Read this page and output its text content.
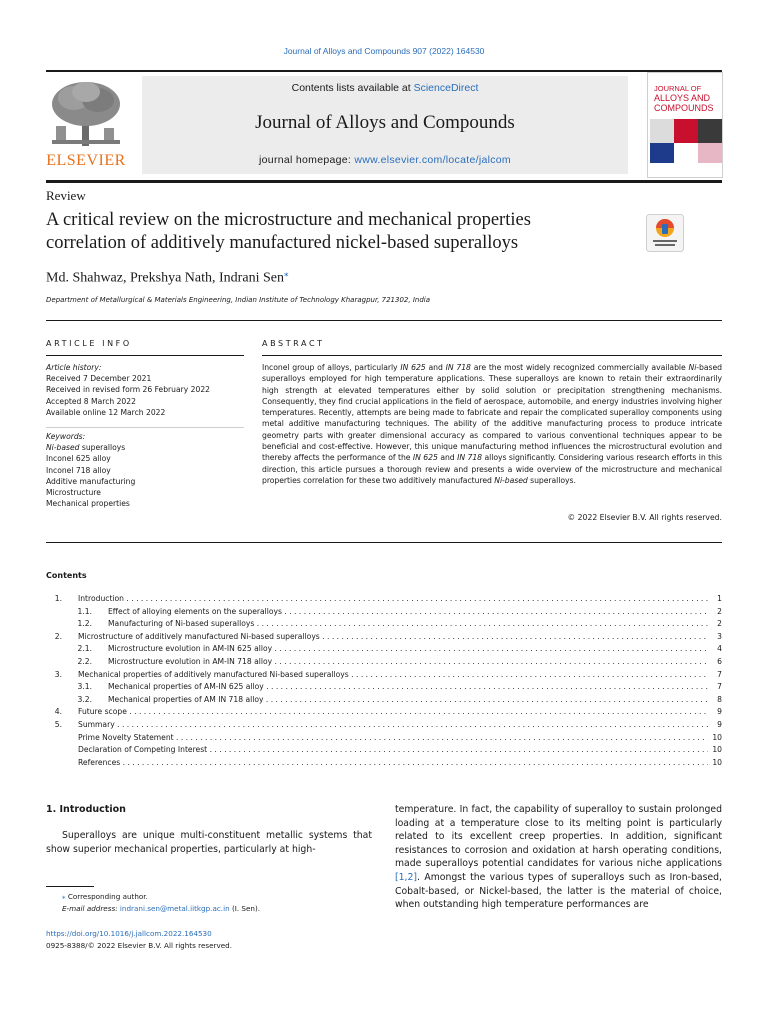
Journal of Alloys and Compounds 907 (2022) 164530
ELSEVIER
Contents lists available at ScienceDirect
Journal of Alloys and Compounds
journal homepage: www.elsevier.com/locate/jalcom
JOURNAL OF
ALLOYS AND
COMPOUNDS
Review
A critical review on the microstructure and mechanical properties correlation of additively manufactured nickel-based superalloys
Md. Shahwaz, Prekshya Nath, Indrani Sen⁎
Department of Metallurgical & Materials Engineering, Indian Institute of Technology Kharagpur, 721302, India
ARTICLE INFO	ABSTRACT
Article history:
Received 7 December 2021
Received in revised form 26 February 2022
Accepted 8 March 2022
Available online 12 March 2022
Keywords:
Ni-based superalloys
Inconel 625 alloy
Inconel 718 alloy
Additive manufacturing
Microstructure
Mechanical properties
Inconel group of alloys, particularly IN 625 and IN 718 are the most widely recognized commercially available Ni-based superalloys employed for high temperature applications. These superalloys are known to retain their extraordinarily high strength at elevated temperatures either by solid solution or precipitation strengthening mechanisms. Consequently, they find crucial applications in the field of aerospace, automobile, and energy industries involving higher temperatures. Recently, attempts are being made to fabricate and repair the complicated superalloy components using metal additive manufacturing techniques. The ability of the additive manufacturing process to produce intricate geometry parts with greater dimensional accuracy as compared to various conventional techniques appear to be beneficial and cost-effective. However, this unique manufacturing method influences the microstructural evolution and thereby affects the performance of the IN 625 and IN 718 alloys significantly. Considering various research efforts in this direction, this article pursues a thorough review and presents a wide overview of the microstructure and mechanical properties correlation for these two additively manufactured Ni-based superalloys.
© 2022 Elsevier B.V. All rights reserved.
Contents
1. Introduction . . .	1
1.1. Effect of alloying elements on the superalloys . . .	2
1.2. Manufacturing of Ni-based superalloys . . .	2
2. Microstructure of additively manufactured Ni-based superalloys . . .	3
2.1. Microstructure evolution in AM-IN 625 alloy . . .	4
2.2. Microstructure evolution in AM-IN 718 alloy . . .	6
3. Mechanical properties of additively manufactured Ni-based superalloys . . .	7
3.1. Mechanical properties of AM-IN 625 alloy . . .	7
3.2. Mechanical properties of AM IN 718 alloy . . .	8
4. Future scope . . .	9
5. Summary . . .	9
Prime Novelty Statement . . .	10
Declaration of Competing Interest . . .	10
References . . .	10
1. Introduction
Superalloys are unique multi-constituent metallic systems that show superior mechanical properties, particularly at high-
temperature. In fact, the capability of superalloy to sustain prolonged loading at a temperature close to its melting point is particularly related to its excellent creep properties. In addition, significant resistances to corrosion and oxidation at harsh operating conditions, made superalloys potential candidates for various niche applications [1,2]. Amongst the various types of superalloys such as Iron-based, Cobalt-based, or Nickel-based, the latter is the material of choice, when outstanding high temperature performances are
⁎ Corresponding author.
E-mail address: indrani.sen@metal.iitkgp.ac.in (I. Sen).
https://doi.org/10.1016/j.jallcom.2022.164530
0925-8388/© 2022 Elsevier B.V. All rights reserved.
